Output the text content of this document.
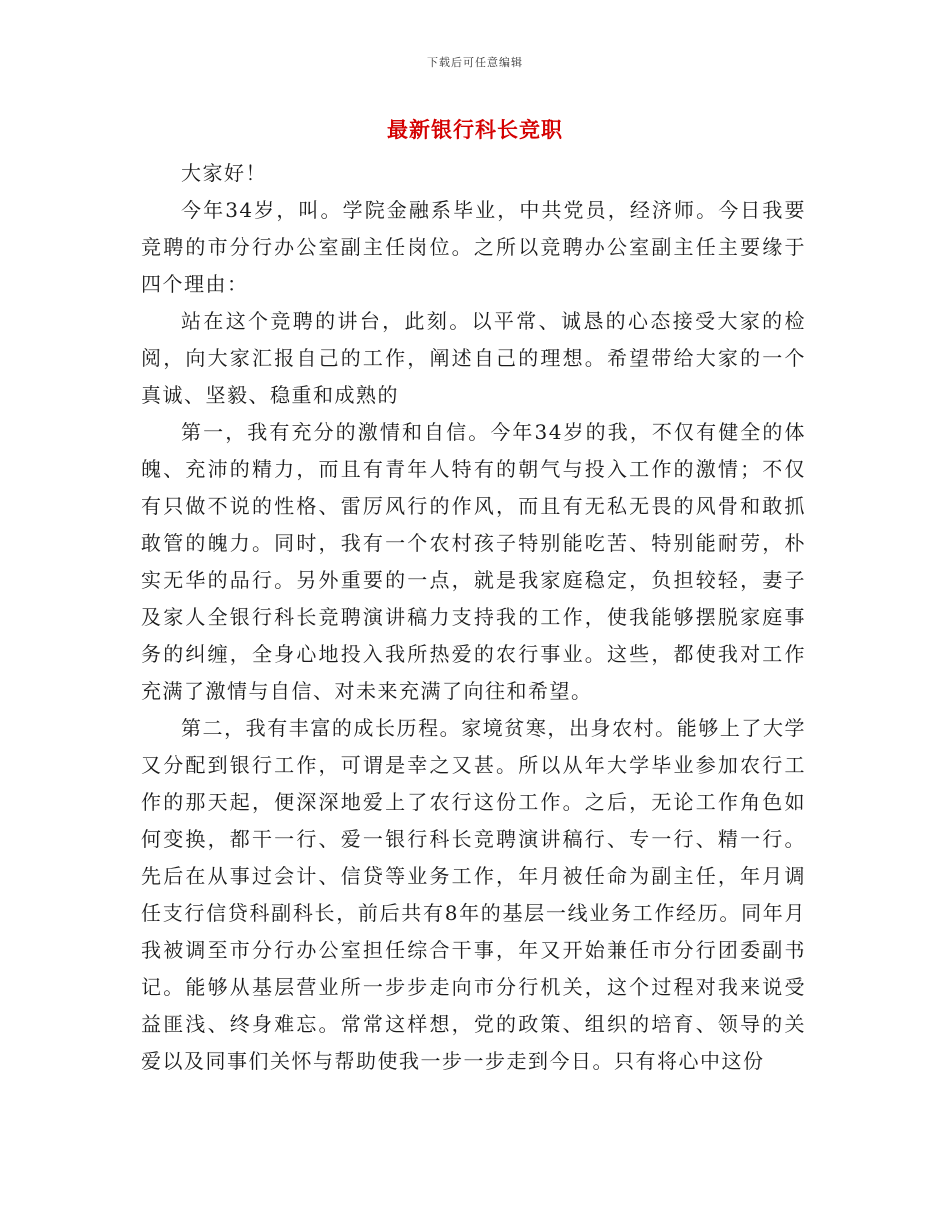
下载后可任意编辑
最新银行科长竞职

大家好！

今年34岁，叫。学院金融系毕业，中共党员，经济师。今日我要竞聘的市分行办公室副主任岗位。之所以竞聘办公室副主任主要缘于四个理由：

站在这个竞聘的讲台，此刻。以平常、诚恳的心态接受大家的检阅，向大家汇报自己的工作，阐述自己的理想。希望带给大家的一个真诚、坚毅、稳重和成熟的

第一，我有充分的激情和自信。今年34岁的我，不仅有健全的体魄、充沛的精力，而且有青年人特有的朝气与投入工作的激情；不仅有只做不说的性格、雷厉风行的作风，而且有无私无畏的风骨和敢抓敢管的魄力。同时，我有一个农村孩子特别能吃苦、特别能耐劳，朴实无华的品行。另外重要的一点，就是我家庭稳定，负担较轻，妻子及家人全银行科长竞聘演讲稿力支持我的工作，使我能够摆脱家庭事务的纠缠，全身心地投入我所热爱的农行事业。这些，都使我对工作充满了激情与自信、对未来充满了向往和希望。

第二，我有丰富的成长历程。家境贫寒，出身农村。能够上了大学又分配到银行工作，可谓是幸之又甚。所以从年大学毕业参加农行工作的那天起，便深深地爱上了农行这份工作。之后，无论工作角色如何变换，都干一行、爱一银行科长竞聘演讲稿行、专一行、精一行。先后在从事过会计、信贷等业务工作，年月被任命为副主任，年月调任支行信贷科副科长，前后共有8年的基层一线业务工作经历。同年月我被调至市分行办公室担任综合干事，年又开始兼任市分行团委副书记。能够从基层营业所一步步走向市分行机关，这个过程对我来说受益匪浅、终身难忘。常常这样想，党的政策、组织的培育、领导的关爱以及同事们关怀与帮助使我一步一步走到今日。只有将心中这份
